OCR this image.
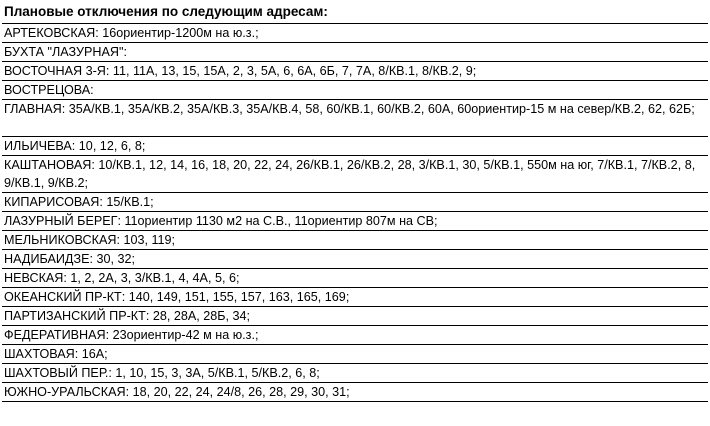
Плановые отключения по следующим адресам:
АРТЕКОВСКАЯ: 16ориентир-1200м на ю.з.;
БУХТА "ЛАЗУРНАЯ":
ВОСТОЧНАЯ 3-Я: 11, 11А, 13, 15, 15А, 2, 3, 5А, 6, 6А, 6Б, 7, 7А, 8/КВ.1, 8/КВ.2, 9;
ВОСТРЕЦОВА:
ГЛАВНАЯ: 35А/КВ.1, 35А/КВ.2, 35А/КВ.3, 35А/КВ.4, 58, 60/КВ.1, 60/КВ.2, 60А, 60ориентир-15 м на север/КВ.2, 62, 62Б;
ИЛЬИЧЕВА: 10, 12, 6, 8;
КАШТАНОВАЯ: 10/КВ.1, 12, 14, 16, 18, 20, 22, 24, 26/КВ.1, 26/КВ.2, 28, 3/КВ.1, 30, 5/КВ.1, 550м на юг, 7/КВ.1, 7/КВ.2, 8, 9/КВ.1, 9/КВ.2;
КИПАРИСОВАЯ: 15/КВ.1;
ЛАЗУРНЫЙ БЕРЕГ: 11ориентир 1130 м2 на С.В., 11ориентир 807м на СВ;
МЕЛЬНИКОВСКАЯ: 103, 119;
НАДИБАИДЗЕ: 30, 32;
НЕВСКАЯ: 1, 2, 2А, 3, 3/КВ.1, 4, 4А, 5, 6;
ОКЕАНСКИЙ ПР-КТ: 140, 149, 151, 155, 157, 163, 165, 169;
ПАРТИЗАНСКИЙ ПР-КТ: 28, 28А, 28Б, 34;
ФЕДЕРАТИВНАЯ: 23ориентир-42 м на ю.з.;
ШАХТОВАЯ: 16А;
ШАХТОВЫЙ ПЕР.: 1, 10, 15, 3, 3А, 5/КВ.1, 5/КВ.2, 6, 8;
ЮЖНО-УРАЛЬСКАЯ: 18, 20, 22, 24, 24/8, 26, 28, 29, 30, 31;
